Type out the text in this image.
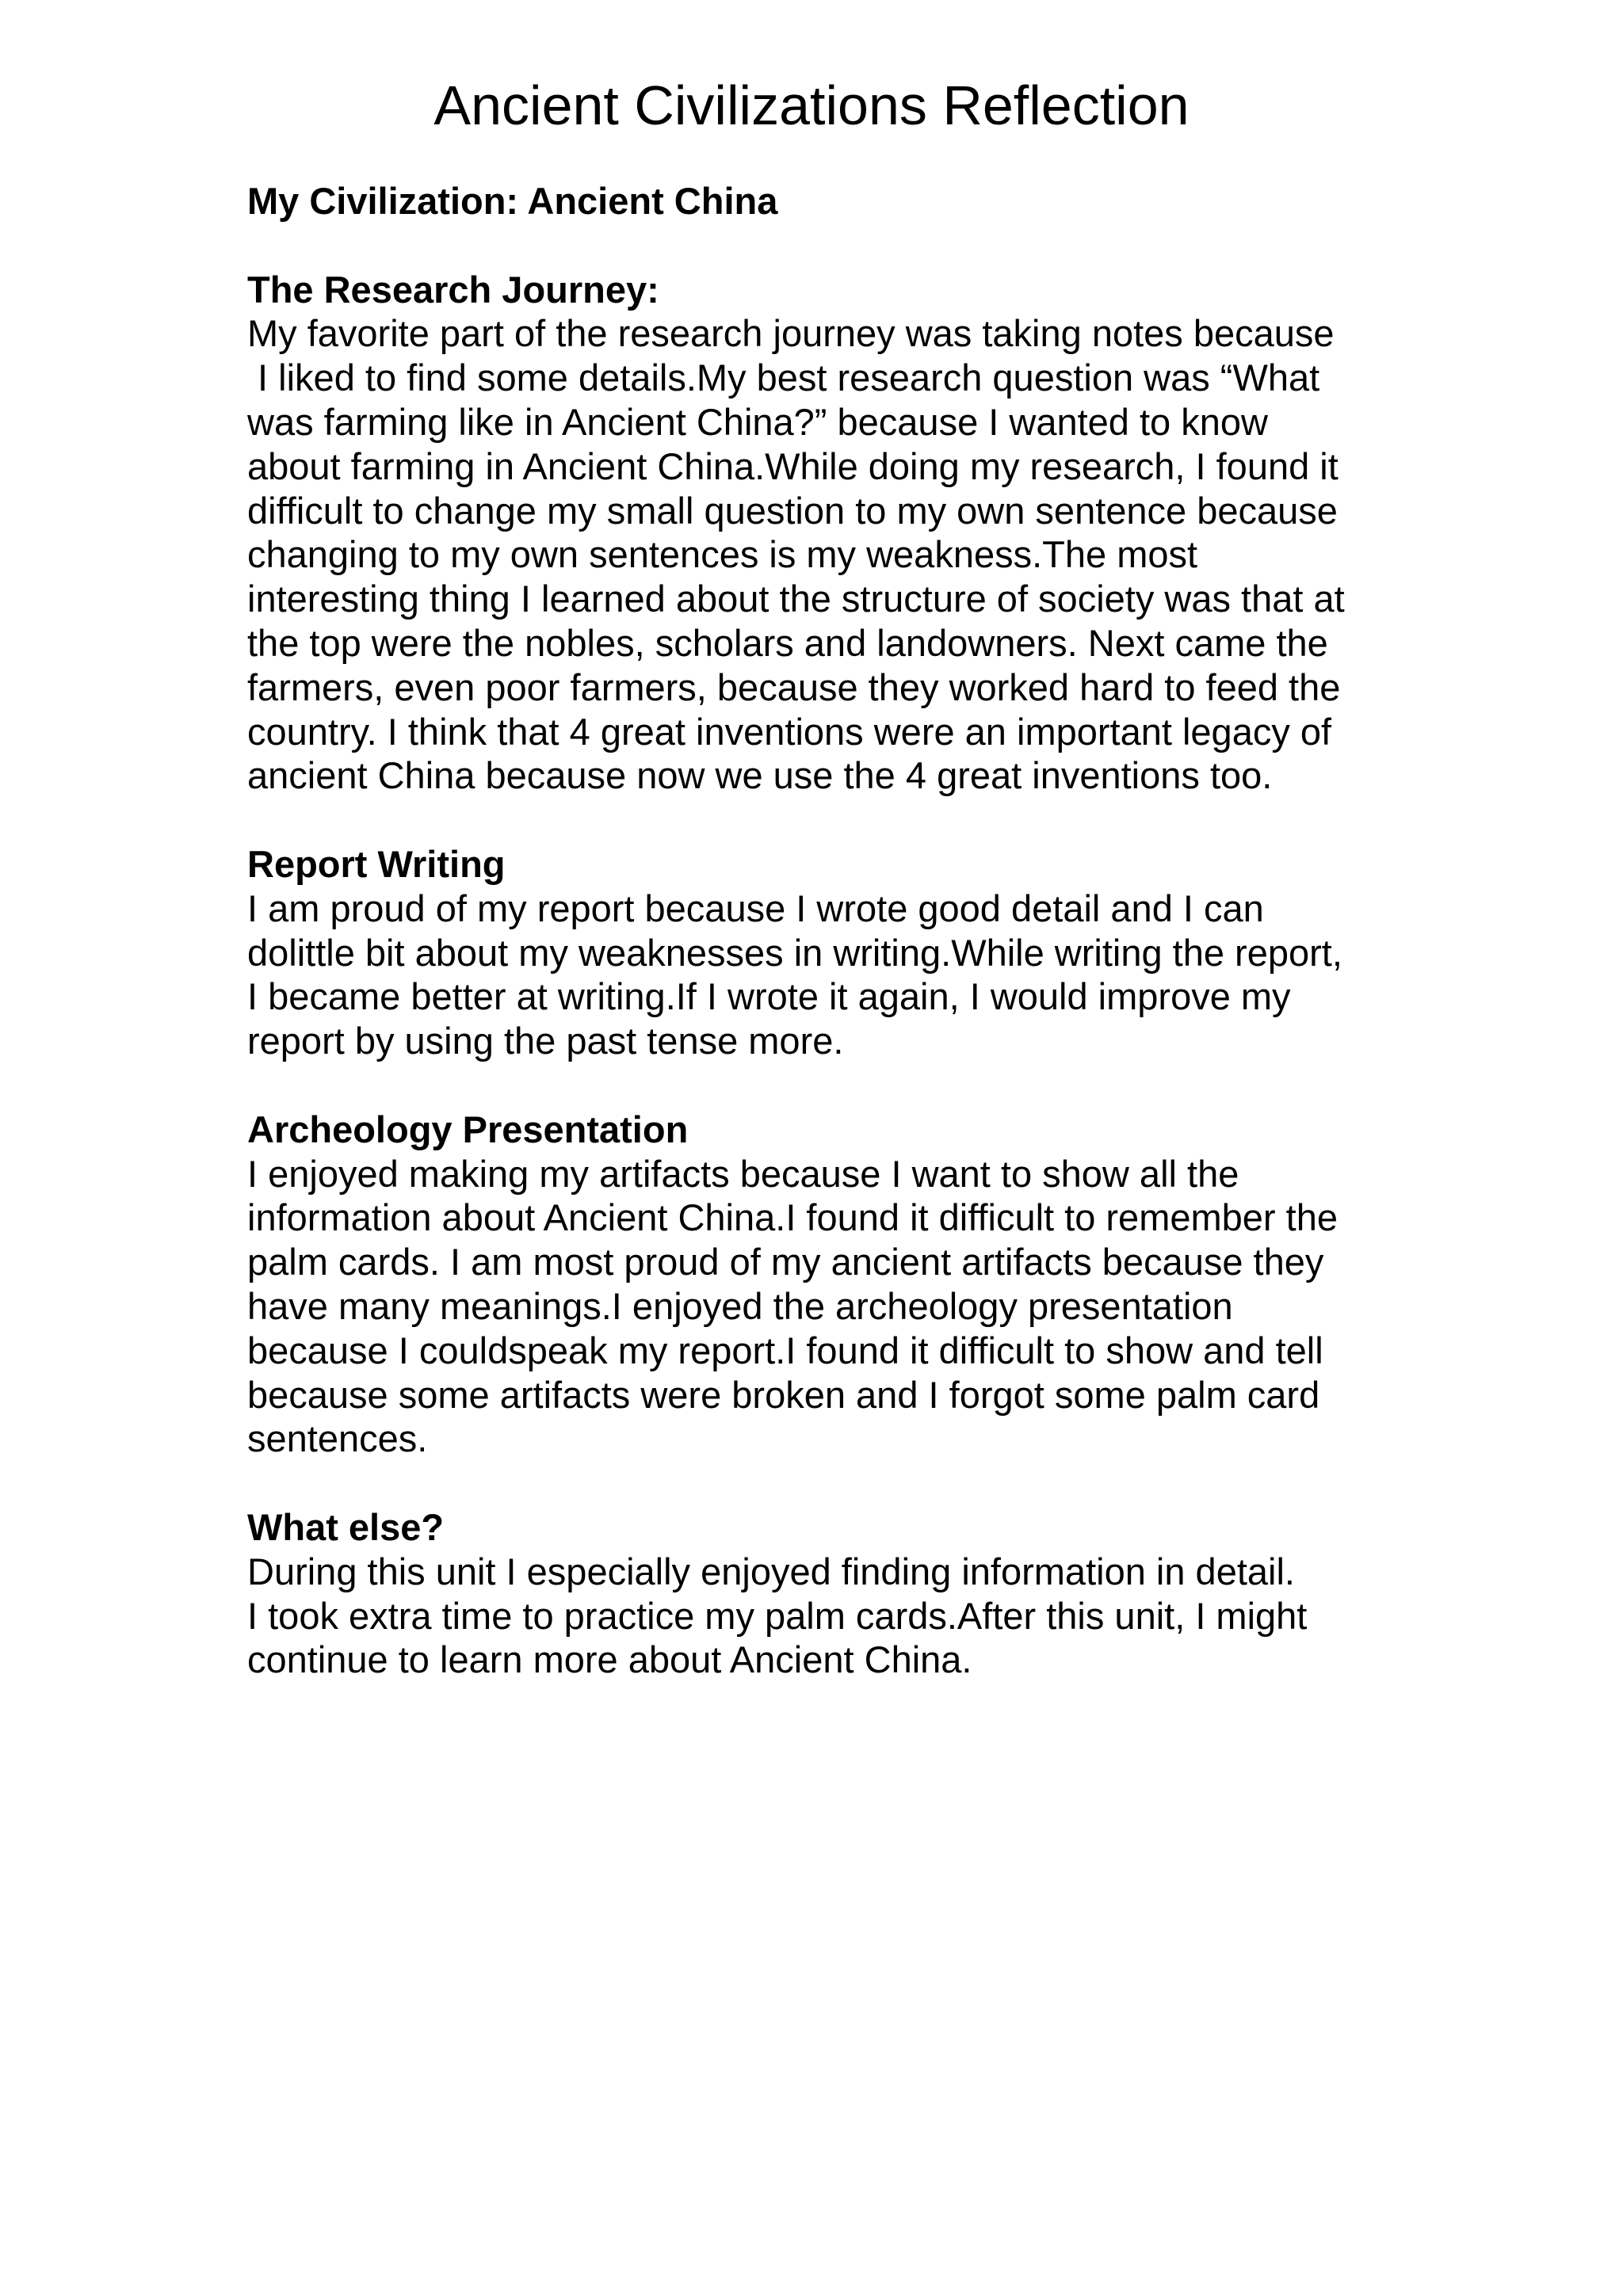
Ancient Civilizations Reflection

My Civilization: Ancient China

The Research Journey:

My favorite part of the research journey was taking notes because
I liked to find some details.My best research question was “What
was farming like in Ancient China?” because I wanted to know
about farming in Ancient China.While doing my research, I found it
difficult to change my small question to my own sentence because
changing to my own sentences is my weakness.The most
interesting thing I learned about the structure of society was that at
the top were the nobles, scholars and landowners. Next came the
farmers, even poor farmers, because they worked hard to feed the
country. I think that 4 great inventions were an important legacy of
ancient China because now we use the 4 great inventions too.

Report Writing

I am proud of my report because I wrote good detail and I can
dolittle bit about my weaknesses in writing.While writing the report,
I became better at writing.If I wrote it again, I would improve my
report by using the past tense more.

Archeology Presentation

I enjoyed making my artifacts because I want to show all the
information about Ancient China.I found it difficult to remember the
palm cards. I am most proud of my ancient artifacts because they
have many meanings.I enjoyed the archeology presentation
because I couldspeak my report.I found it difficult to show and tell
because some artifacts were broken and I forgot some palm card
sentences.

What else?

During this unit I especially enjoyed finding information in detail.
I took extra time to practice my palm cards.After this unit, I might
continue to learn more about Ancient China.
